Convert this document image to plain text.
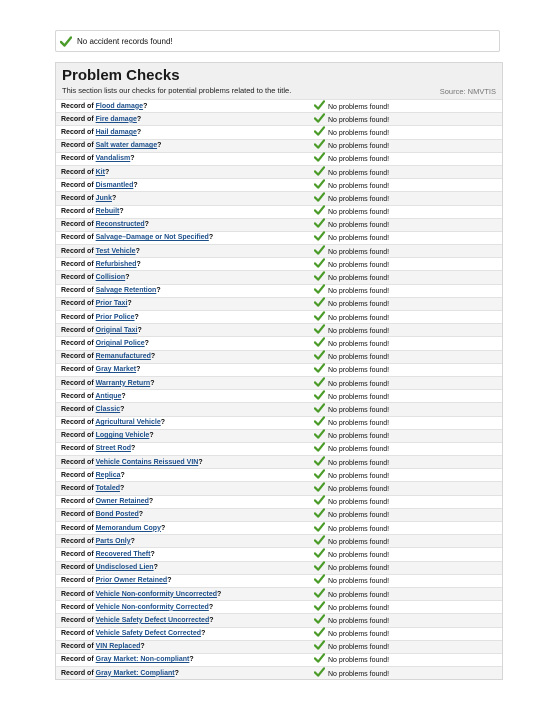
No accident records found!
Problem Checks
This section lists our checks for potential problems related to the title.	Source: NMVTIS
Record of Flood damage?	No problems found!
Record of Fire damage?	No problems found!
Record of Hail damage?	No problems found!
Record of Salt water damage?	No problems found!
Record of Vandalism?	No problems found!
Record of Kit?	No problems found!
Record of Dismantled?	No problems found!
Record of Junk?	No problems found!
Record of Rebuilt?	No problems found!
Record of Reconstructed?	No problems found!
Record of Salvage–Damage or Not Specified?	No problems found!
Record of Test Vehicle?	No problems found!
Record of Refurbished?	No problems found!
Record of Collision?	No problems found!
Record of Salvage Retention?	No problems found!
Record of Prior Taxi?	No problems found!
Record of Prior Police?	No problems found!
Record of Original Taxi?	No problems found!
Record of Original Police?	No problems found!
Record of Remanufactured?	No problems found!
Record of Gray Market?	No problems found!
Record of Warranty Return?	No problems found!
Record of Antique?	No problems found!
Record of Classic?	No problems found!
Record of Agricultural Vehicle?	No problems found!
Record of Logging Vehicle?	No problems found!
Record of Street Rod?	No problems found!
Record of Vehicle Contains Reissued VIN?	No problems found!
Record of Replica?	No problems found!
Record of Totaled?	No problems found!
Record of Owner Retained?	No problems found!
Record of Bond Posted?	No problems found!
Record of Memorandum Copy?	No problems found!
Record of Parts Only?	No problems found!
Record of Recovered Theft?	No problems found!
Record of Undisclosed Lien?	No problems found!
Record of Prior Owner Retained?	No problems found!
Record of Vehicle Non-conformity Uncorrected?	No problems found!
Record of Vehicle Non-conformity Corrected?	No problems found!
Record of Vehicle Safety Defect Uncorrected?	No problems found!
Record of Vehicle Safety Defect Corrected?	No problems found!
Record of VIN Replaced?	No problems found!
Record of Gray Market: Non-compliant?	No problems found!
Record of Gray Market: Compliant?	No problems found!
